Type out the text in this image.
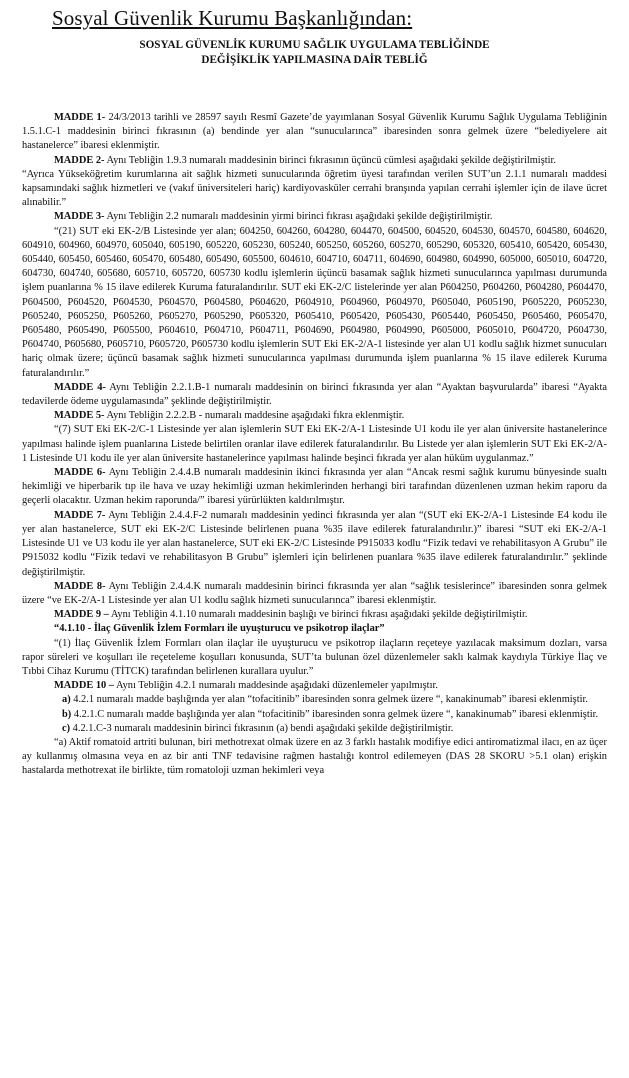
Sosyal Güvenlik Kurumu Başkanlığından:
SOSYAL GÜVENLİK KURUMU SAĞLIK UYGULAMA TEBLİĞİNDE
DEĞİŞİKLİK YAPILMASINA DAİR TEBLİĞ

MADDE 1- 24/3/2013 tarihli ve 28597 sayılı Resmî Gazete’de yayımlanan Sosyal Güvenlik Kurumu Sağlık Uygulama Tebliğinin 1.5.1.C-1 maddesinin birinci fıkrasının (a) bendinde yer alan “sunucularınca” ibaresinden sonra gelmek üzere “belediyelere ait hastanelerce” ibaresi eklenmiştir.

MADDE 2- Aynı Tebliğin 1.9.3 numaralı maddesinin birinci fıkrasının üçüncü cümlesi aşağıdaki şekilde değiştirilmiştir.

“Ayrıca Yükseköğretim kurumlarına ait sağlık hizmeti sunucularında öğretim üyesi tarafından verilen SUT’un 2.1.1 numaralı maddesi kapsamındaki sağlık hizmetleri ve (vakıf üniversiteleri hariç) kardiyovasküler cerrahi branşında yapılan cerrahi işlemler için de ilave ücret alınabilir.”

MADDE 3- Aynı Tebliğin 2.2 numaralı maddesinin yirmi birinci fıkrası aşağıdaki şekilde değiştirilmiştir.

“(21) SUT eki EK-2/B Listesinde yer alan; 604250, 604260, 604280, 604470, 604500, 604520, 604530, 604570, 604580, 604620, 604910, 604960, 604970, 605040, 605190, 605220, 605230, 605240, 605250, 605260, 605270, 605290, 605320, 605410, 605420, 605430, 605440, 605450, 605460, 605470, 605480, 605490, 605500, 604610, 604710, 604711, 604690, 604980, 604990, 605000, 605010, 604720, 604730, 604740, 605680, 605710, 605720, 605730 kodlu işlemlerin üçüncü basamak sağlık hizmeti sunucularınca yapılması durumunda işlem puanlarına % 15 ilave edilerek Kuruma faturalandırılır. SUT eki EK-2/C listelerinde yer alan P604250, P604260, P604280, P604470, P604500, P604520, P604530, P604570, P604580, P604620, P604910, P604960, P604970, P605040, P605190, P605220, P605230, P605240, P605250, P605260, P605270, P605290, P605320, P605410, P605420, P605430, P605440, P605450, P605460, P605470, P605480, P605490, P605500, P604610, P604710, P604711, P604690, P604980, P604990, P605000, P605010, P604720, P604730, P604740, P605680, P605710, P605720, P605730 kodlu işlemlerin SUT Eki EK-2/A-1 listesinde yer alan U1 kodlu sağlık hizmet sunucuları hariç olmak üzere; üçüncü basamak sağlık hizmeti sunucularınca yapılması durumunda işlem puanlarına % 15 ilave edilerek Kuruma faturalandırılır.”

MADDE 4- Aynı Tebliğin 2.2.1.B-1 numaralı maddesinin on birinci fıkrasında yer alan “Ayaktan başvurularda” ibaresi “Ayakta tedavilerde ödeme uygulamasında” şeklinde değiştirilmiştir.

MADDE 5- Aynı Tebliğin 2.2.2.B - numaralı maddesine aşağıdaki fıkra eklenmiştir.

“(7) SUT Eki EK-2/C-1 Listesinde yer alan işlemlerin SUT Eki EK-2/A-1 Listesinde U1 kodu ile yer alan üniversite hastanelerince yapılması halinde işlem puanlarına Listede belirtilen oranlar ilave edilerek faturalandırılır. Bu Listede yer alan işlemlerin SUT Eki EK-2/A-1 Listesinde U1 kodu ile yer alan üniversite hastanelerince yapılması halinde beşinci fıkrada yer alan hüküm uygulanmaz.”

MADDE 6- Aynı Tebliğin 2.4.4.B numaralı maddesinin ikinci fıkrasında yer alan “Ancak resmi sağlık kurumu bünyesinde sualtı hekimliği ve hiperbarik tıp ile hava ve uzay hekimliği uzman hekimlerinden herhangi biri tarafından düzenlenen uzman hekim raporu da geçerli olacaktır. Uzman hekim raporunda/” ibaresi yürürlükten kaldırılmıştır.

MADDE 7- Aynı Tebliğin 2.4.4.F-2 numaralı maddesinin yedinci fıkrasında yer alan “(SUT eki EK-2/A-1 Listesinde E4 kodu ile yer alan hastanelerce, SUT eki EK-2/C Listesinde belirlenen puana %35 ilave edilerek faturalandırılır.)” ibaresi “SUT eki EK-2/A-1 Listesinde U1 ve U3 kodu ile yer alan hastanelerce, SUT eki EK-2/C Listesinde P915033 kodlu “Fizik tedavi ve rehabilitasyon A Grubu” ile P915032 kodlu “Fizik tedavi ve rehabilitasyon B Grubu” işlemleri için belirlenen puanlara %35 ilave edilerek faturalandırılır.” şeklinde değiştirilmiştir.

MADDE 8- Aynı Tebliğin 2.4.4.K numaralı maddesinin birinci fıkrasında yer alan “sağlık tesislerince” ibaresinden sonra gelmek üzere “ve EK-2/A-1 Listesinde yer alan U1 kodlu sağlık hizmeti sunucularınca” ibaresi eklenmiştir.

MADDE 9 – Aynı Tebliğin 4.1.10 numaralı maddesinin başlığı ve birinci fıkrası aşağıdaki şekilde değiştirilmiştir.

“4.1.10 - İlaç Güvenlik İzlem Formları ile uyuşturucu ve psikotrop ilaçlar”

“(1) İlaç Güvenlik İzlem Formları olan ilaçlar ile uyuşturucu ve psikotrop ilaçların reçeteye yazılacak maksimum dozları, varsa rapor süreleri ve koşulları ile reçeteleme koşulları konusunda, SUT’ta bulunan özel düzenlemeler saklı kalmak kaydıyla Türkiye İlaç ve Tıbbi Cihaz Kurumu (TİTCK) tarafından belirlenen kurallara uyulur.”

MADDE 10 – Aynı Tebliğin 4.2.1 numaralı maddesinde aşağıdaki düzenlemeler yapılmıştır.

a) 4.2.1 numaralı madde başlığında yer alan “tofacitinib” ibaresinden sonra gelmek üzere “, kanakinumab” ibaresi eklenmiştir.

b) 4.2.1.C numaralı madde başlığında yer alan “tofacitinib” ibaresinden sonra gelmek üzere “, kanakinumab” ibaresi eklenmiştir.

c) 4.2.1.C-3 numaralı maddesinin birinci fıkrasının (a) bendi aşağıdaki şekilde değiştirilmiştir.

“a) Aktif romatoid artriti bulunan, biri methotrexat olmak üzere en az 3 farklı hastalık modifiye edici antiromatizmal ilacı, en az üçer ay kullanmış olmasına veya en az bir anti TNF tedavisine rağmen hastalığı kontrol edilemeyen (DAS 28 SKORU >5.1 olan) erişkin hastalarda methotrexat ile birlikte, tüm romatoloji uzman hekimleri veya
